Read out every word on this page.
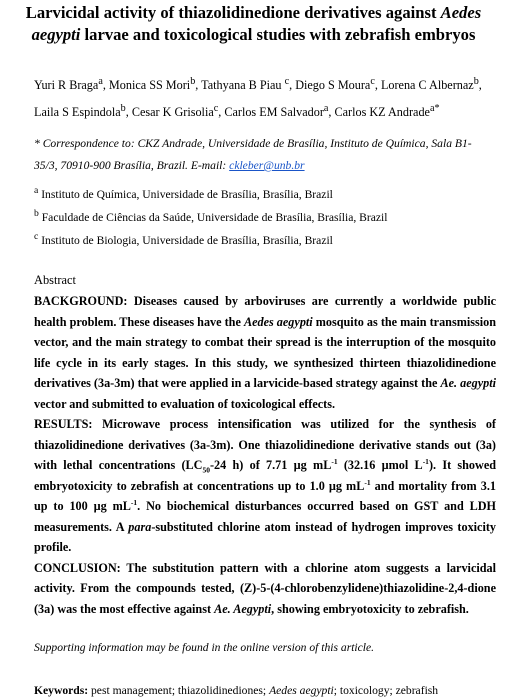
Larvicidal activity of thiazolidinedione derivatives against Aedes aegypti larvae and toxicological studies with zebrafish embryos
Yuri R Braga$^a$, Monica SS Mori$^b$, Tathyana B Piau $^c$, Diego S Moura$^c$, Lorena C Albernaz$^b$, Laila S Espindola$^b$, Cesar K Grisolia$^c$, Carlos EM Salvador$^a$, Carlos KZ Andrade$^{a*}$
* Correspondence to: CKZ Andrade, Universidade de Brasília, Instituto de Química, Sala B1-35/3, 70910-900 Brasília, Brazil. E-mail: ckleber@unb.br
$^a$ Instituto de Química, Universidade de Brasília, Brasília, Brazil
$^b$ Faculdade de Ciências da Saúde, Universidade de Brasília, Brasília, Brazil
$^c$ Instituto de Biologia, Universidade de Brasília, Brasília, Brazil
Abstract

BACKGROUND: Diseases caused by arboviruses are currently a worldwide public health problem. These diseases have the Aedes aegypti mosquito as the main transmission vector, and the main strategy to combat their spread is the interruption of the mosquito life cycle in its early stages. In this study, we synthesized thirteen thiazolidinedione derivatives (3a-3m) that were applied in a larvicide-based strategy against the Ae. aegypti vector and submitted to evaluation of toxicological effects.

RESULTS: Microwave process intensification was utilized for the synthesis of thiazolidinedione derivatives (3a-3m). One thiazolidinedione derivative stands out (3a) with lethal concentrations ($LC_{50}-24$ h) of 7.71 µg $mL^{-1}$ (32.16 µmol $L^{-1}$). It showed embryotoxicity to zebrafish at concentrations up to 1.0 µg $mL^{-1}$ and mortality from 3.1 up to 100 µg $mL^{-1}$. No biochemical disturbances occurred based on GST and LDH measurements. A para-substituted chlorine atom instead of hydrogen improves toxicity profile.

CONCLUSION: The substitution pattern with a chlorine atom suggests a larvicidal activity. From the compounds tested, (Z)-5-(4-chlorobenzylidene)thiazolidine-2,4-dione (3a) was the most effective against Ae. Aegypti, showing embryotoxicity to zebrafish.

Supporting information may be found in the online version of this article.
Keywords: pest management; thiazolidinediones; Aedes aegypti; toxicology; zebrafish
